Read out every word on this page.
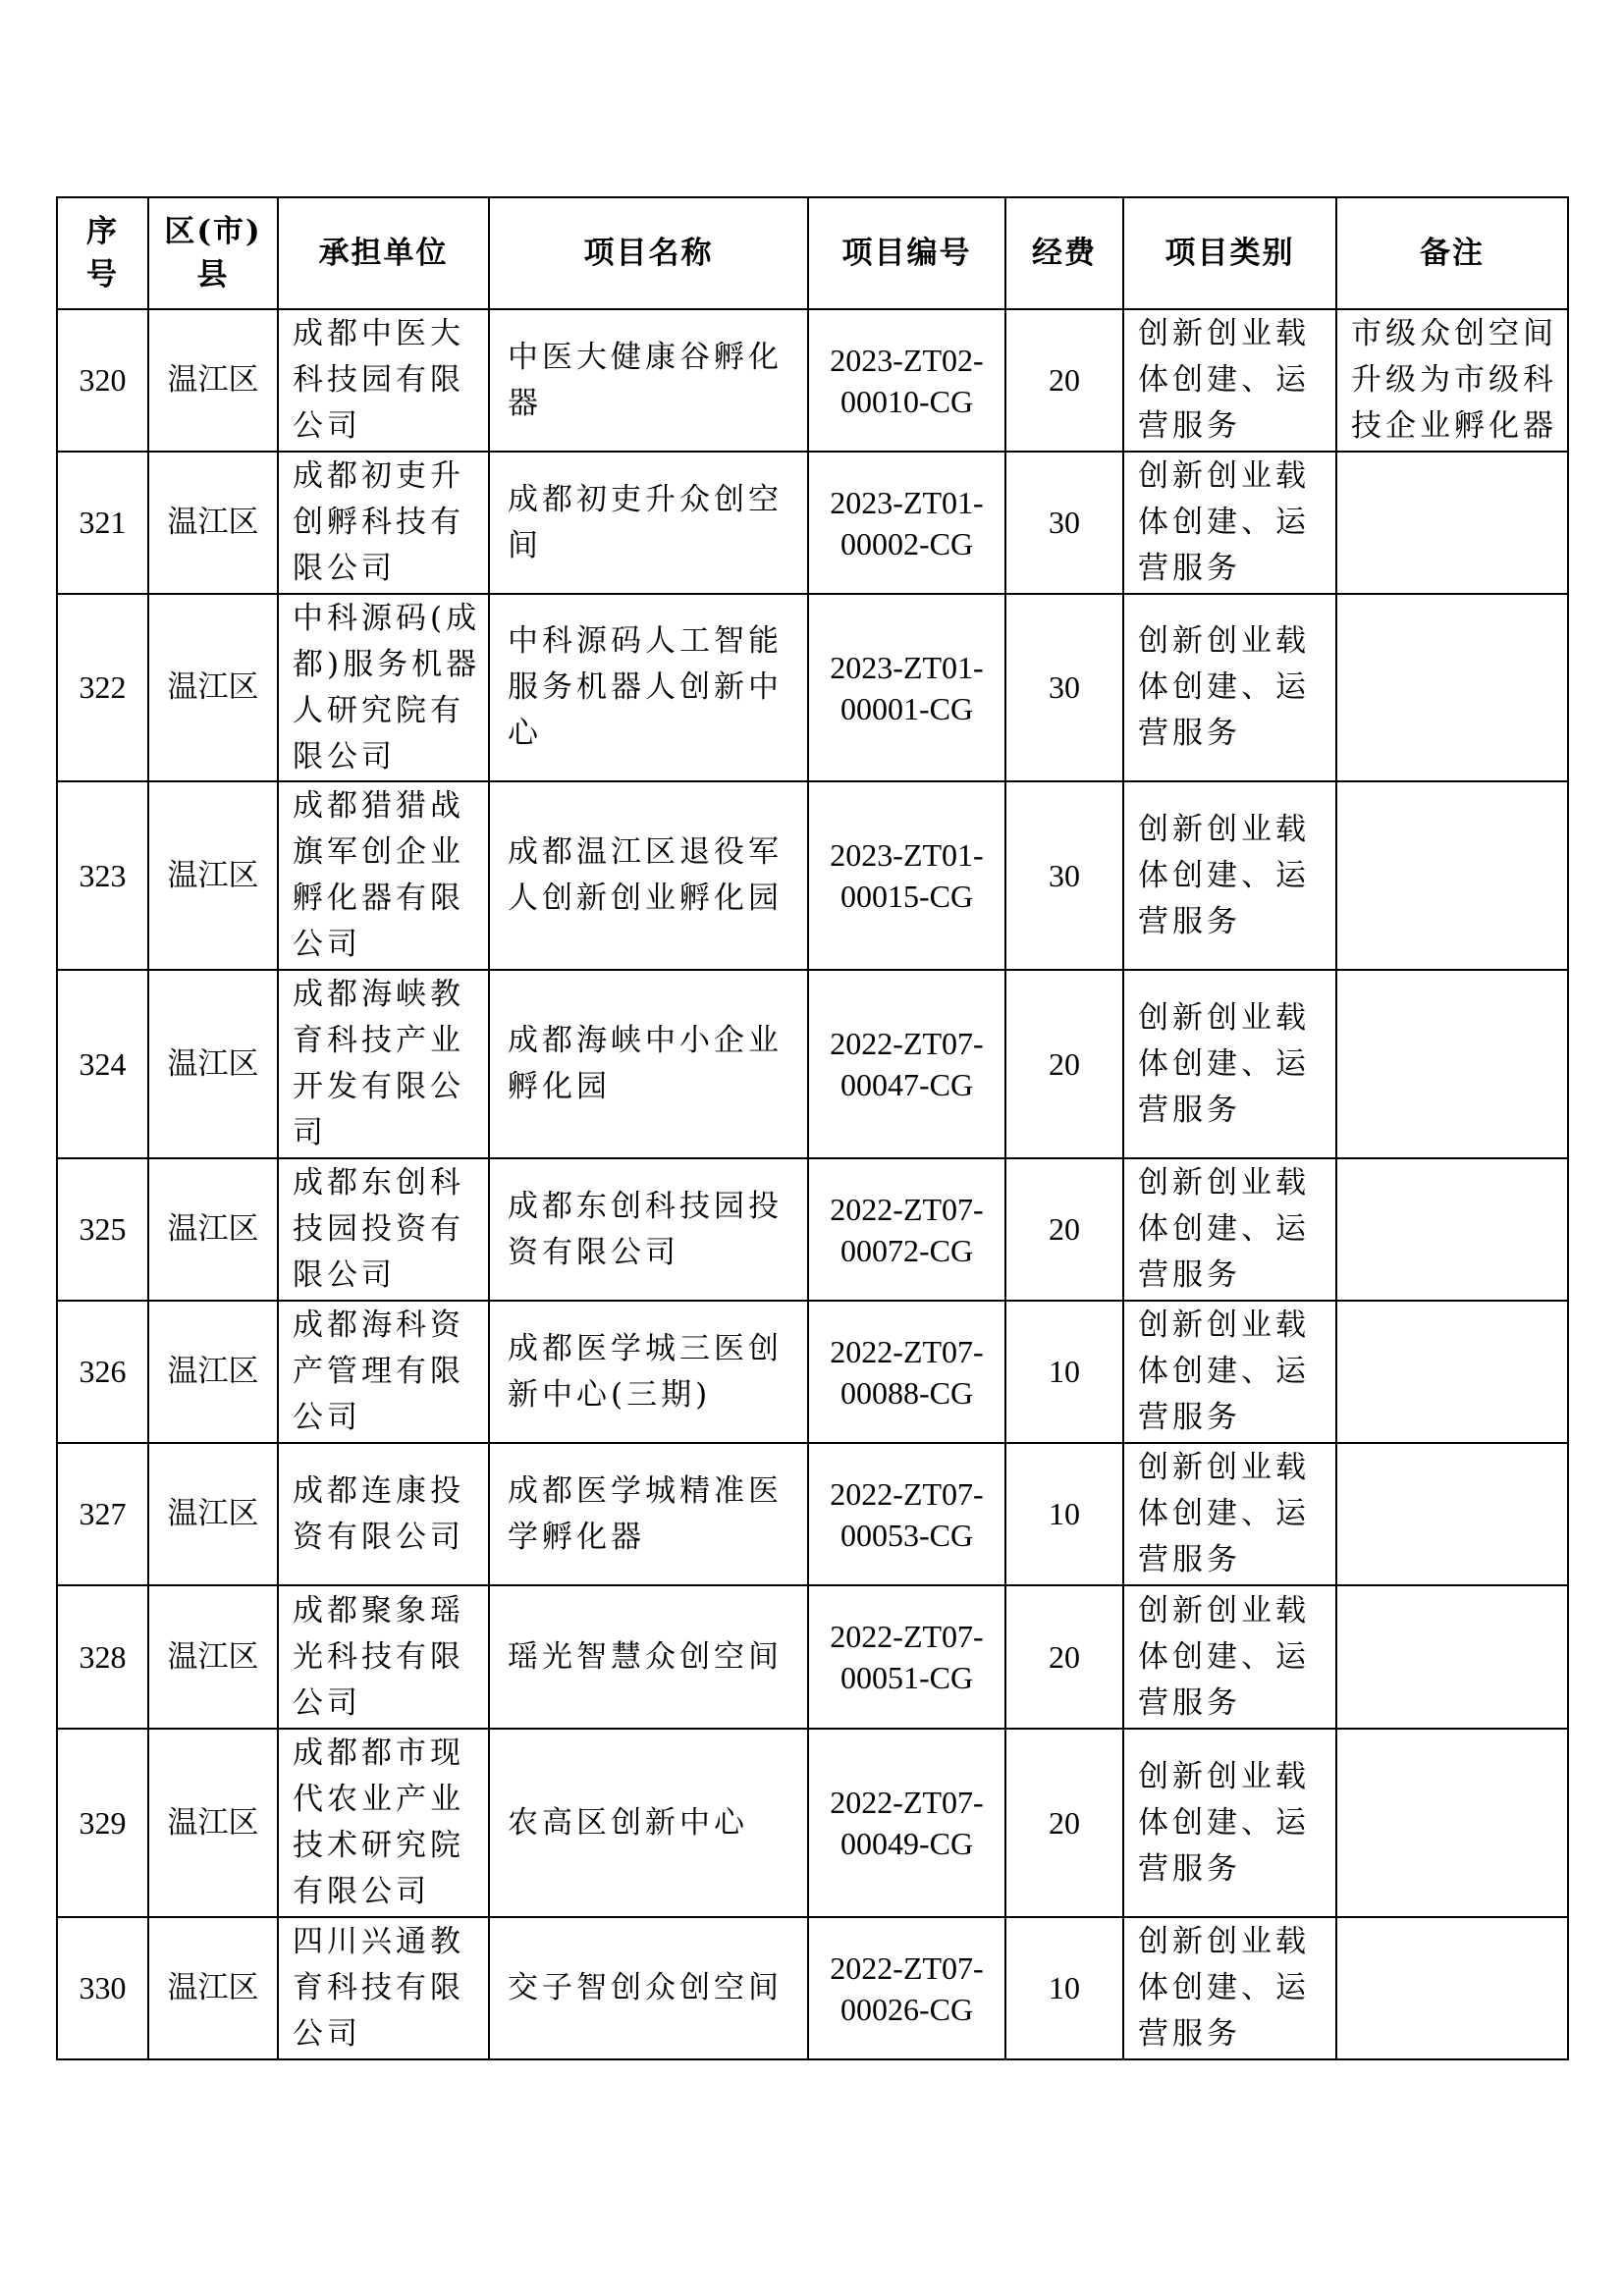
序号	区(市)县	承担单位	项目名称	项目编号	经费	项目类别	备注
320	温江区	成都中医大科技园有限公司	中医大健康谷孵化器	2023-ZT02-00010-CG	20	创新创业载体创建、运营服务	市级众创空间升级为市级科技企业孵化器
321	温江区	成都初吏升创孵科技有限公司	成都初吏升众创空间	2023-ZT01-00002-CG	30	创新创业载体创建、运营服务	
322	温江区	中科源码(成都)服务机器人研究院有限公司	中科源码人工智能服务机器人创新中心	2023-ZT01-00001-CG	30	创新创业载体创建、运营服务	
323	温江区	成都猎猎战旗军创企业孵化器有限公司	成都温江区退役军人创新创业孵化园	2023-ZT01-00015-CG	30	创新创业载体创建、运营服务	
324	温江区	成都海峡教育科技产业开发有限公司	成都海峡中小企业孵化园	2022-ZT07-00047-CG	20	创新创业载体创建、运营服务	
325	温江区	成都东创科技园投资有限公司	成都东创科技园投资有限公司	2022-ZT07-00072-CG	20	创新创业载体创建、运营服务	
326	温江区	成都海科资产管理有限公司	成都医学城三医创新中心(三期)	2022-ZT07-00088-CG	10	创新创业载体创建、运营服务	
327	温江区	成都连康投资有限公司	成都医学城精准医学孵化器	2022-ZT07-00053-CG	10	创新创业载体创建、运营服务	
328	温江区	成都聚象瑶光科技有限公司	瑶光智慧众创空间	2022-ZT07-00051-CG	20	创新创业载体创建、运营服务	
329	温江区	成都都市现代农业产业技术研究院有限公司	农高区创新中心	2022-ZT07-00049-CG	20	创新创业载体创建、运营服务	
330	温江区	四川兴通教育科技有限公司	交子智创众创空间	2022-ZT07-00026-CG	10	创新创业载体创建、运营服务	
